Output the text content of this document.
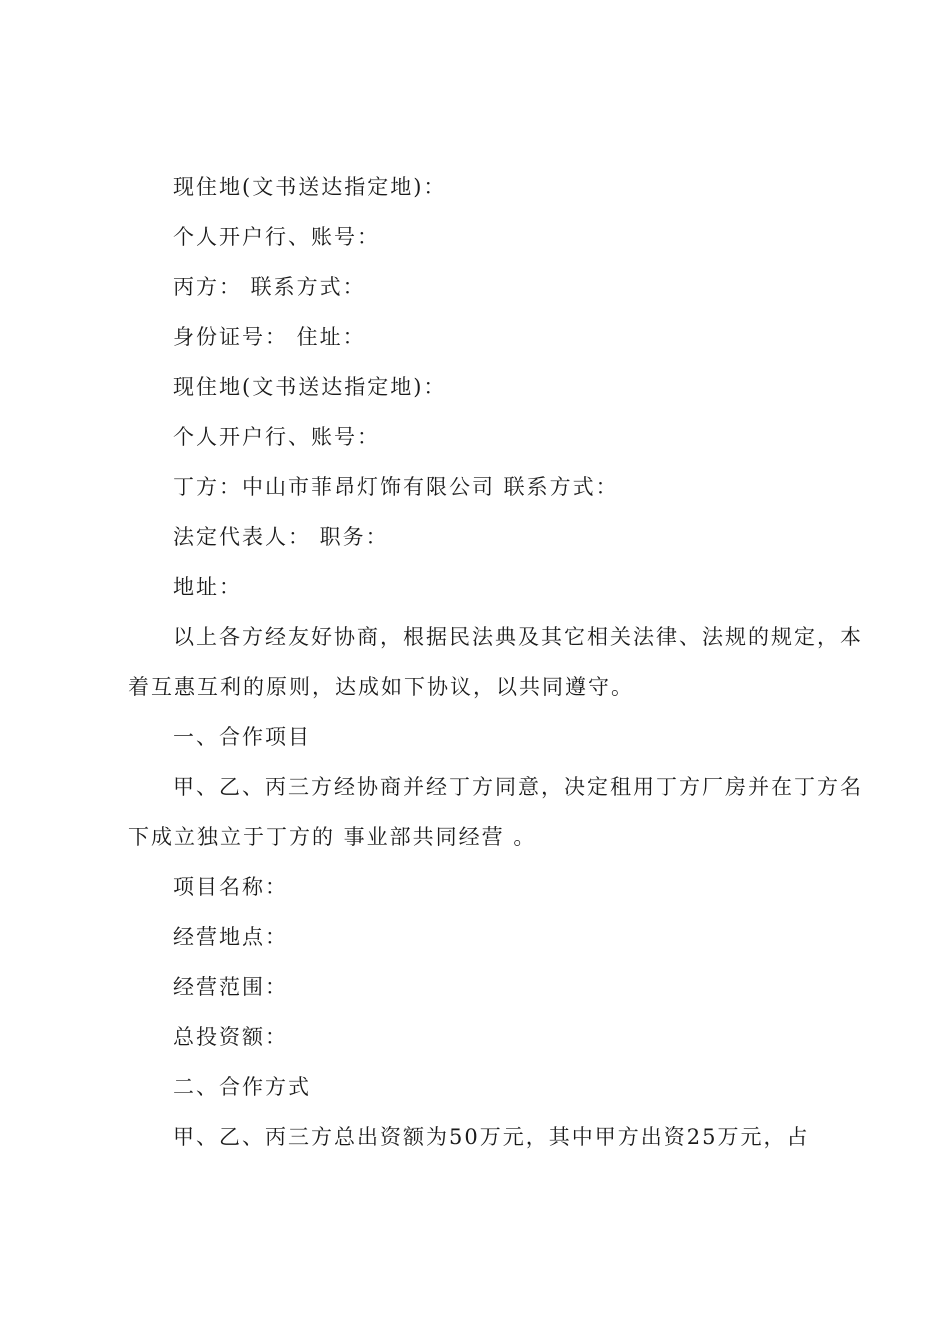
现住地(文书送达指定地)：
个人开户行、账号：
丙方： 联系方式：
身份证号： 住址：
现住地(文书送达指定地)：
个人开户行、账号：
丁方：中山市菲昂灯饰有限公司 联系方式：
法定代表人： 职务：
地址：
以上各方经友好协商，根据民法典及其它相关法律、法规的规定，本
着互惠互利的原则，达成如下协议，以共同遵守。
一、合作项目
甲、乙、丙三方经协商并经丁方同意，决定租用丁方厂房并在丁方名
下成立独立于丁方的 事业部共同经营 。
项目名称：
经营地点：
经营范围：
总投资额：
二、合作方式
甲、乙、丙三方总出资额为50万元，其中甲方出资25万元，占
